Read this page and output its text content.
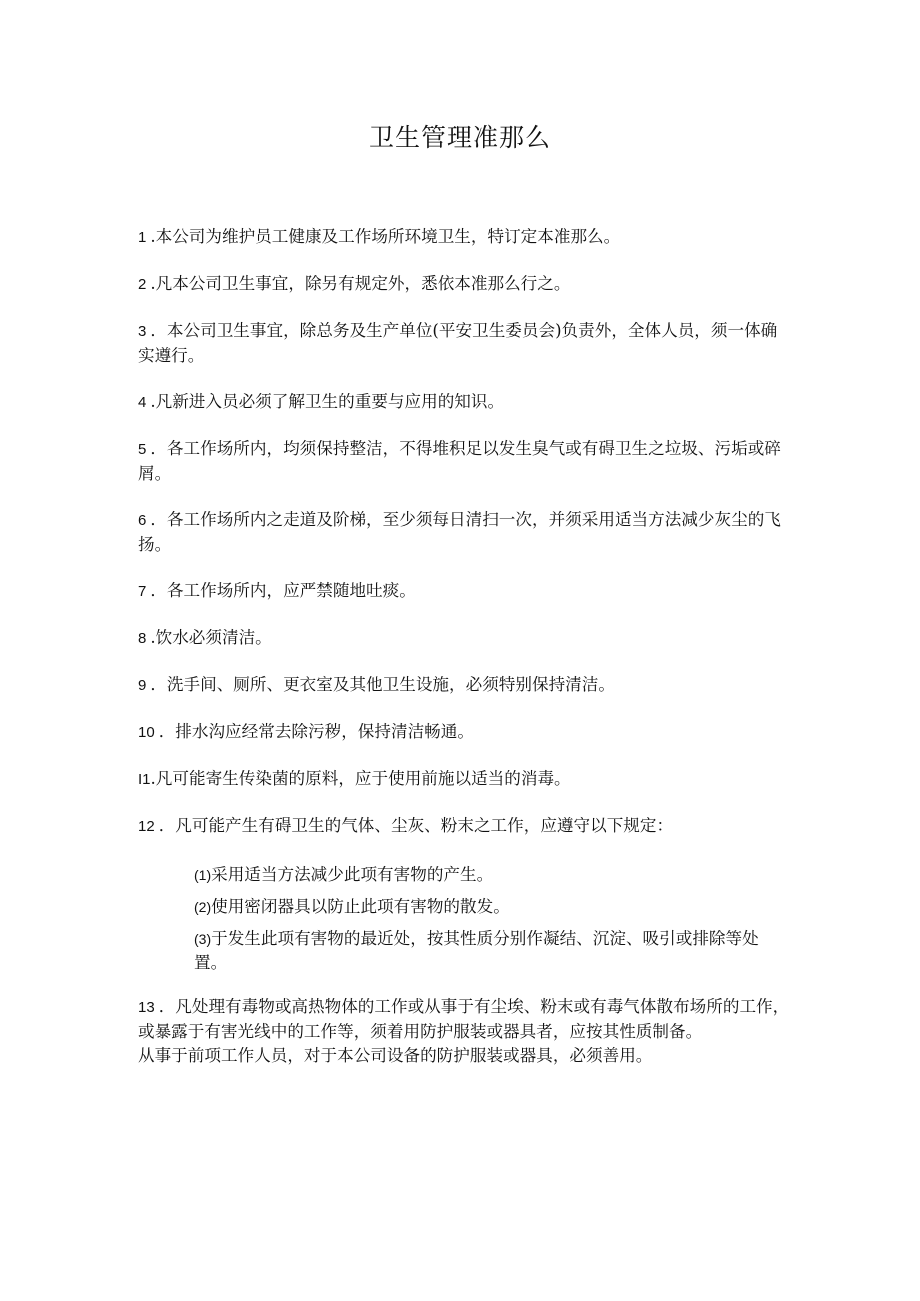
卫生管理准那么

1 .本公司为维护员工健康及工作场所环境卫生，特订定本准那么。

2 .凡本公司卫生事宜，除另有规定外，悉依本准那么行之。

3 ．本公司卫生事宜，除总务及生产单位(平安卫生委员会)负责外，全体人员，须一体确实遵行。

4 .凡新进入员必须了解卫生的重要与应用的知识。

5 ．各工作场所内，均须保持整洁，不得堆积足以发生臭气或有碍卫生之垃圾、污垢或碎屑。

6 ．各工作场所内之走道及阶梯，至少须每日清扫一次，并须采用适当方法减少灰尘的飞扬。

7 ．各工作场所内，应严禁随地吐痰。

8 .饮水必须清洁。

9 ．洗手间、厕所、更衣室及其他卫生设施，必须特别保持清洁。

10 ．排水沟应经常去除污秽，保持清洁畅通。

I1.凡可能寄生传染菌的原料，应于使用前施以适当的消毒。

12 ．凡可能产生有碍卫生的气体、尘灰、粉末之工作，应遵守以下规定：

(1)采用适当方法减少此项有害物的产生。

(2)使用密闭器具以防止此项有害物的散发。

(3)于发生此项有害物的最近处，按其性质分别作凝结、沉淀、吸引或排除等处置。

13 ．凡处理有毒物或高热物体的工作或从事于有尘埃、粉末或有毒气体散布场所的工作，或暴露于有害光线中的工作等，须着用防护服装或器具者，应按其性质制备。

从事于前项工作人员，对于本公司设备的防护服装或器具，必须善用。
